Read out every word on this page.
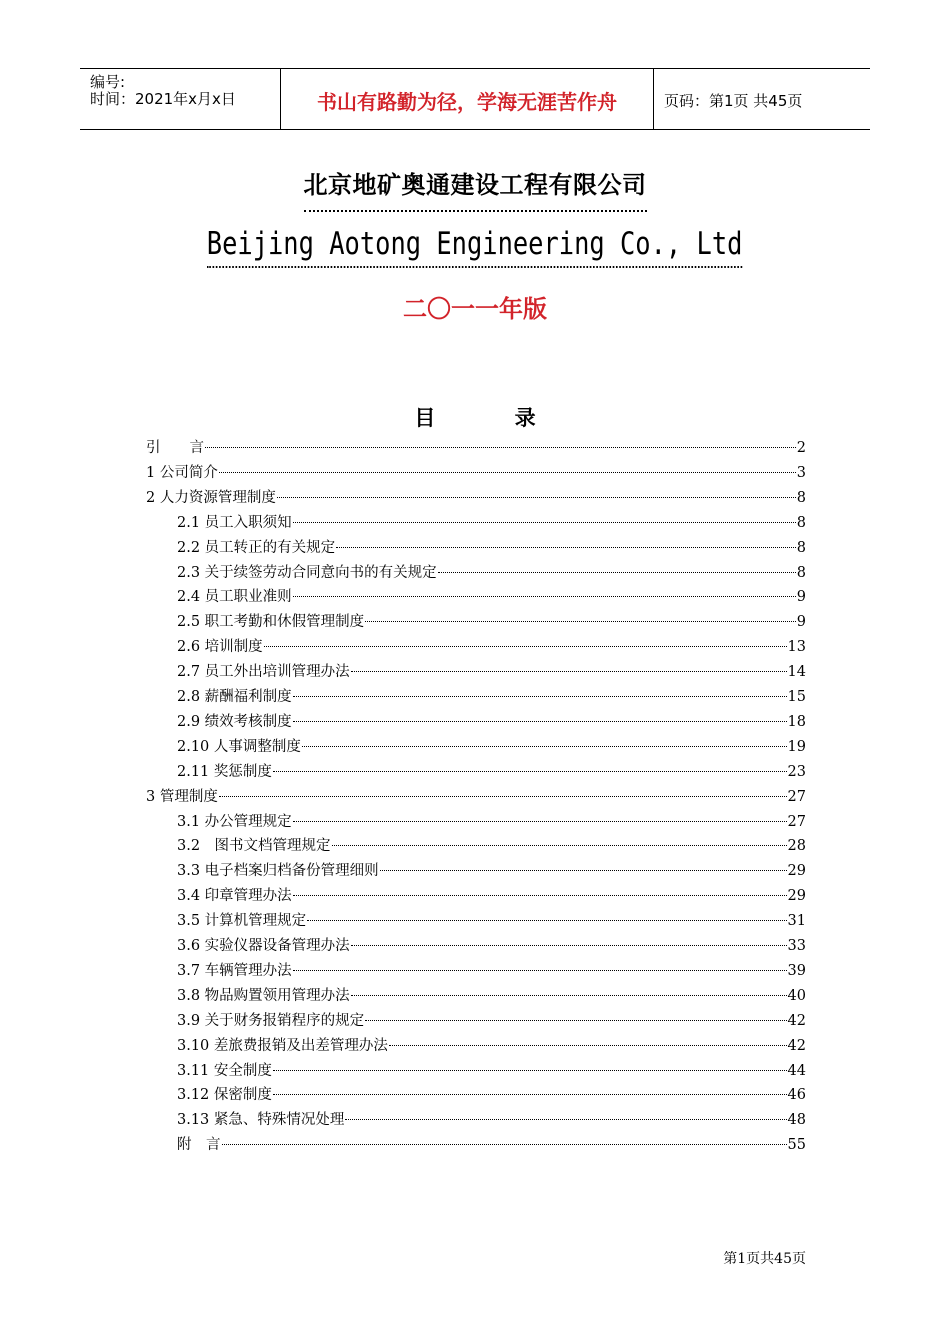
编号:
时间：2021年x月x日	书山有路勤为径，学海无涯苦作舟	页码：第1页 共45页
北京地矿奥通建设工程有限公司
Beijing Aotong Engineering Co., Ltd
二〇一一年版
目 录
引　　言	2
1 公司简介	3
2 人力资源管理制度	8
2.1 员工入职须知	8
2.2 员工转正的有关规定	8
2.3 关于续签劳动合同意向书的有关规定	8
2.4 员工职业准则	9
2.5 职工考勤和休假管理制度	9
2.6 培训制度	13
2.7 员工外出培训管理办法	14
2.8 薪酬福利制度	15
2.9 绩效考核制度	18
2.10 人事调整制度	19
2.11 奖惩制度	23
3 管理制度	27
3.1 办公管理规定	27
3.2　图书文档管理规定	28
3.3 电子档案归档备份管理细则	29
3.4 印章管理办法	29
3.5 计算机管理规定	31
3.6 实验仪器设备管理办法	33
3.7 车辆管理办法	39
3.8 物品购置领用管理办法	40
3.9 关于财务报销程序的规定	42
3.10 差旅费报销及出差管理办法	42
3.11 安全制度	44
3.12 保密制度	46
3.13 紧急、特殊情况处理	48
附　言	55
第1页共45页
